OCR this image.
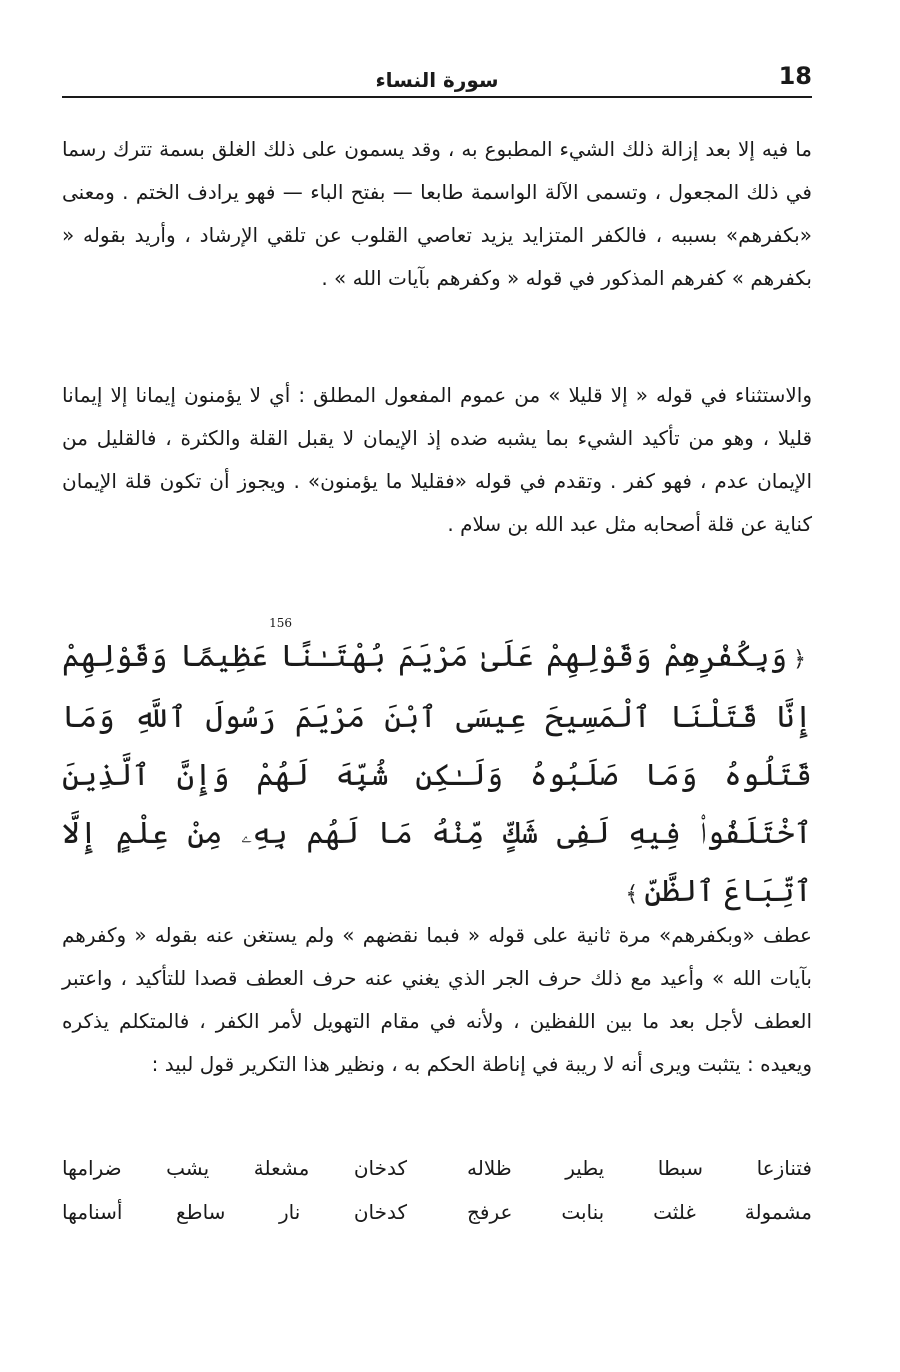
18
سورة النساء

ما فيه إلا بعد إزالة ذلك الشيء المطبوع به ، وقد يسمون على ذلك الغلق بسمة تترك رسما في ذلك المجعول ، وتسمى الآلة الواسمة طابعا — بفتح الباء — فهو يرادف الختم . ومعنى «بكفرهم» بسببه ، فالكفر المتزايد يزيد تعاصي القلوب عن تلقي الإرشاد ، وأريد بقوله « بكفرهم » كفرهم المذكور في قوله « وكفرهم بآيات الله » .

والاستثناء في قوله « إلا قليلا » من عموم المفعول المطلق : أي لا يؤمنون إيمانا إلا إيمانا قليلا ، وهو من تأكيد الشيء بما يشبه ضده إذ الإيمان لا يقبل القلة والكثرة ، فالقليل من الإيمان عدم ، فهو كفر . وتقدم في قوله «فقليلا ما يؤمنون» . ويجوز أن تكون قلة الإيمان كناية عن قلة أصحابه مثل عبد الله بن سلام .

156

﴿وَبِكُفْرِهِمْ وَقَوْلِهِمْ عَلَىٰ مَرْيَمَ بُهْتَـٰنًا عَظِيمًا وَقَوْلِهِمْ إِنَّا قَتَلْنَا ٱلْمَسِيحَ عِيسَى ٱبْنَ مَرْيَمَ رَسُولَ ٱللَّهِ وَمَا قَتَلُوهُ وَمَا صَلَبُوهُ وَلَـٰكِن شُبِّهَ لَهُمْ وَإِنَّ ٱلَّذِينَ ٱخْتَلَفُوا۟ فِيهِ لَفِى شَكٍّ مِّنْهُ مَا لَهُم بِهِۦ مِنْ عِلْمٍ إِلَّا ٱتِّبَاعَ ٱلظَّنِّ﴾

عطف «وبكفرهم» مرة ثانية على قوله « فبما نقضهم » ولم يستغن عنه بقوله « وكفرهم بآيات الله » وأعيد مع ذلك حرف الجر الذي يغني عنه حرف العطف قصدا للتأكيد ، واعتبر العطف لأجل بعد ما بين اللفظين ، ولأنه في مقام التهويل لأمر الكفر ، فالمتكلم يذكره ويعيده : يتثبت ويرى أنه لا ريبة في إناطة الحكم به ، ونظير هذا التكرير قول لبيد :

فتنازعا سبطا يطير ظلاله
كدخان مشعلة يشب ضرامها
مشمولة غلثت بنابت عرفج
كدخان نار ساطع أسنامها
